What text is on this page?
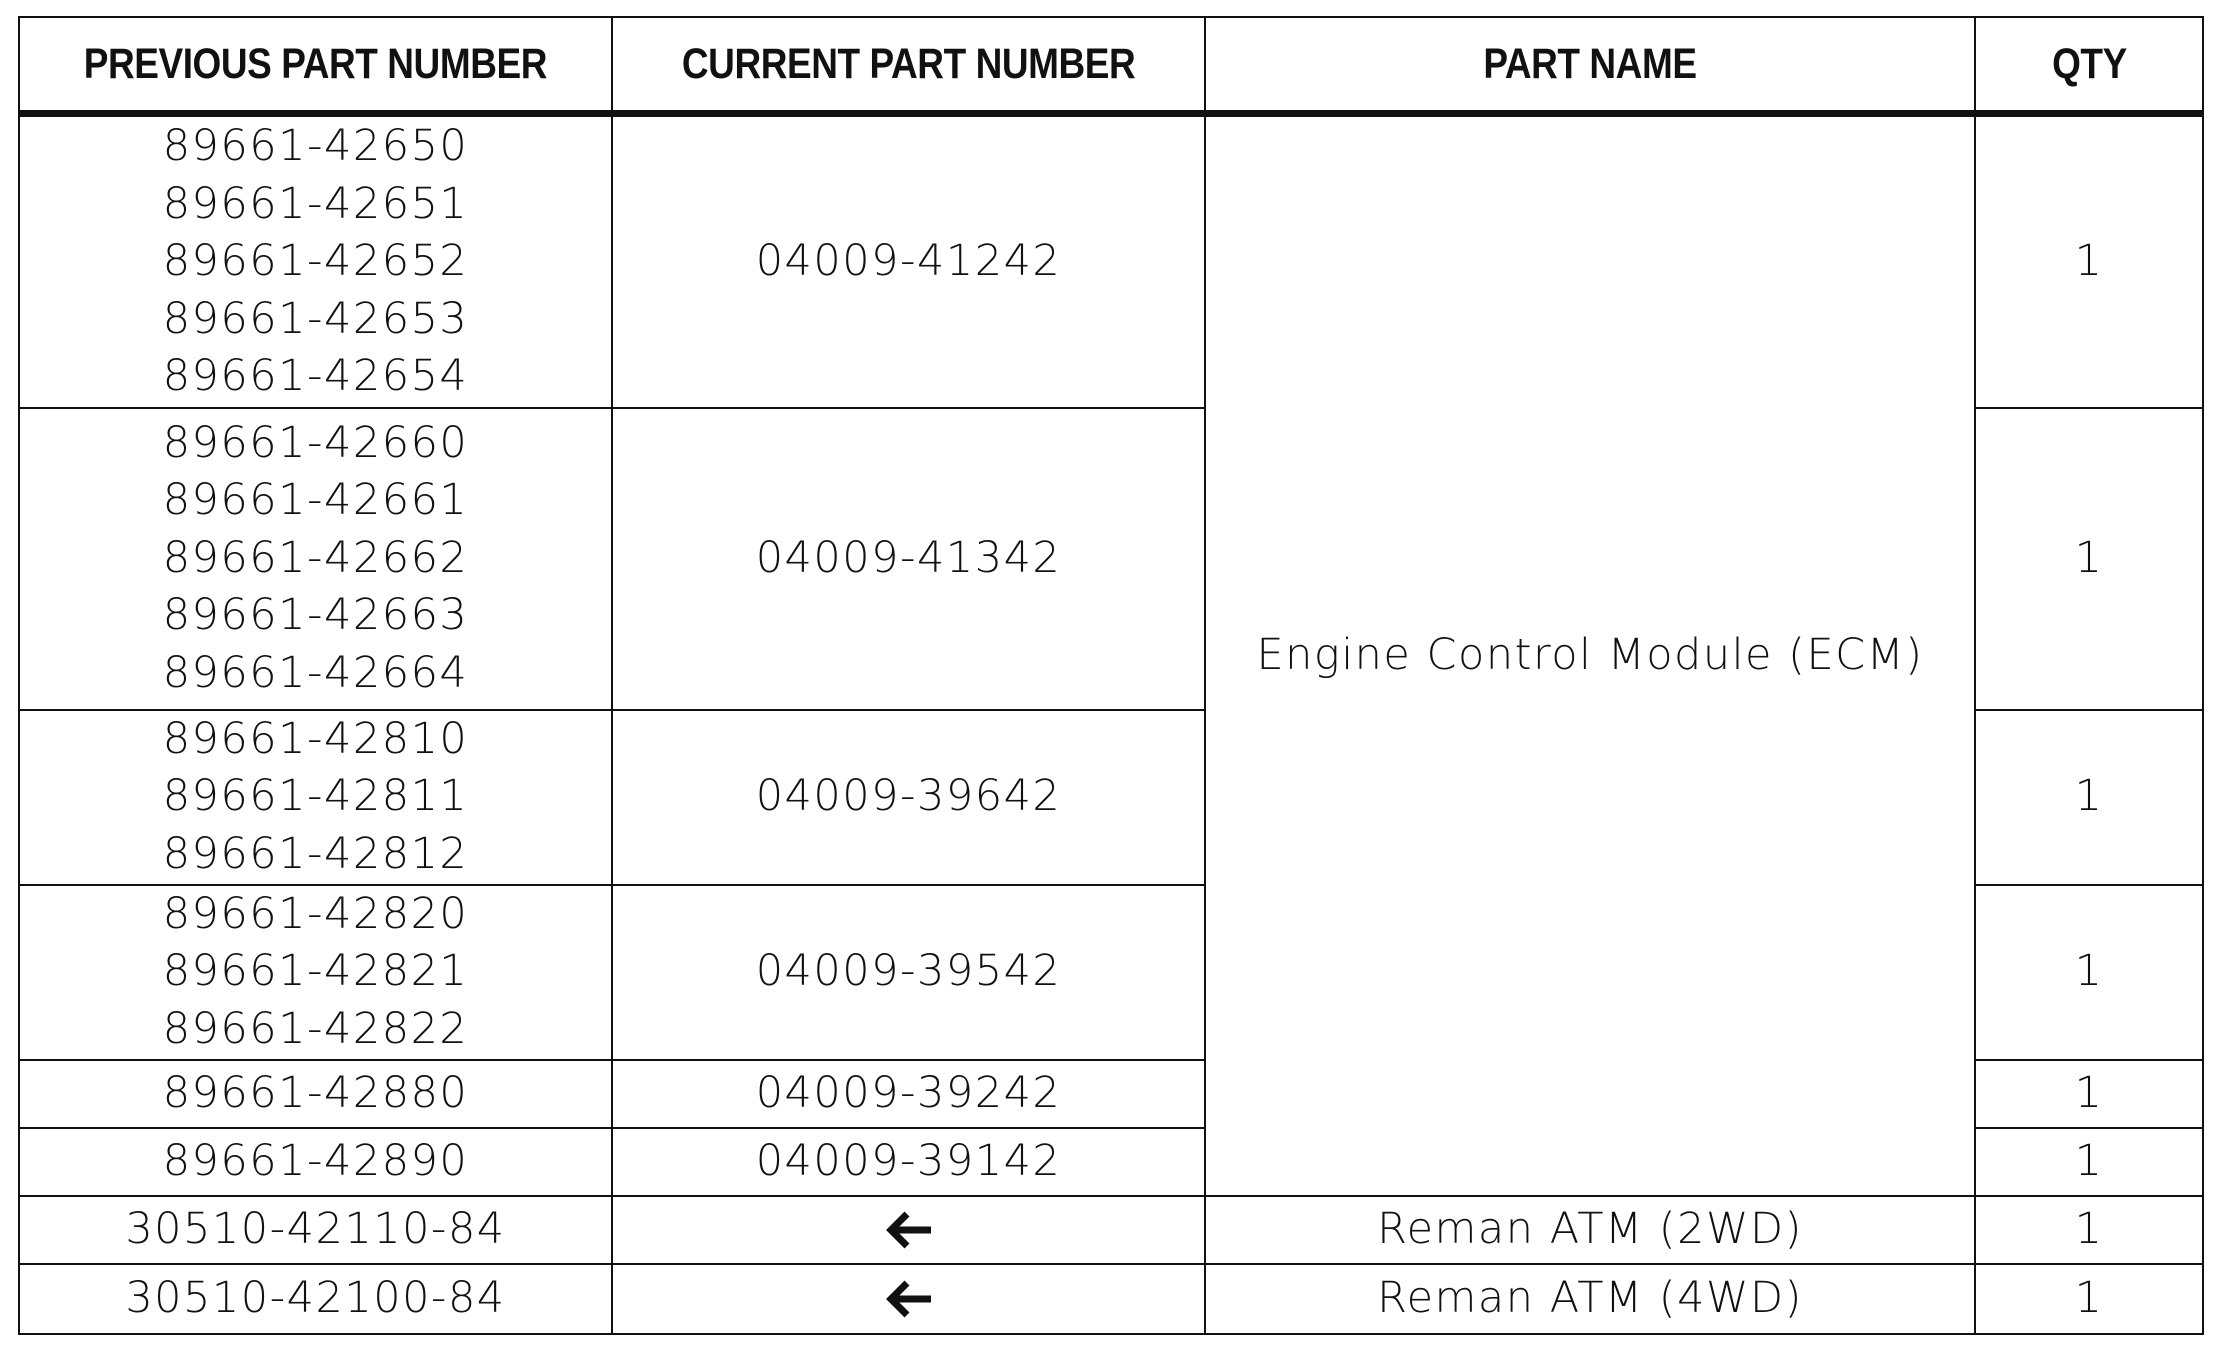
PREVIOUS PART NUMBER	CURRENT PART NUMBER	PART NAME	QTY

89661-42650
89661-42651
89661-42652
89661-42653
89661-42654	04009-41242	Engine Control Module (ECM)	1

89661-42660
89661-42661
89661-42662
89661-42663
89661-42664	04009-41342		1

89661-42810
89661-42811
89661-42812	04009-39642		1

89661-42820
89661-42821
89661-42822	04009-39542		1
89661-42880	04009-39242		1
89661-42890	04009-39142		1
30510-42110-84		Reman ATM (2WD)	1
30510-42100-84		Reman ATM (4WD)	1
